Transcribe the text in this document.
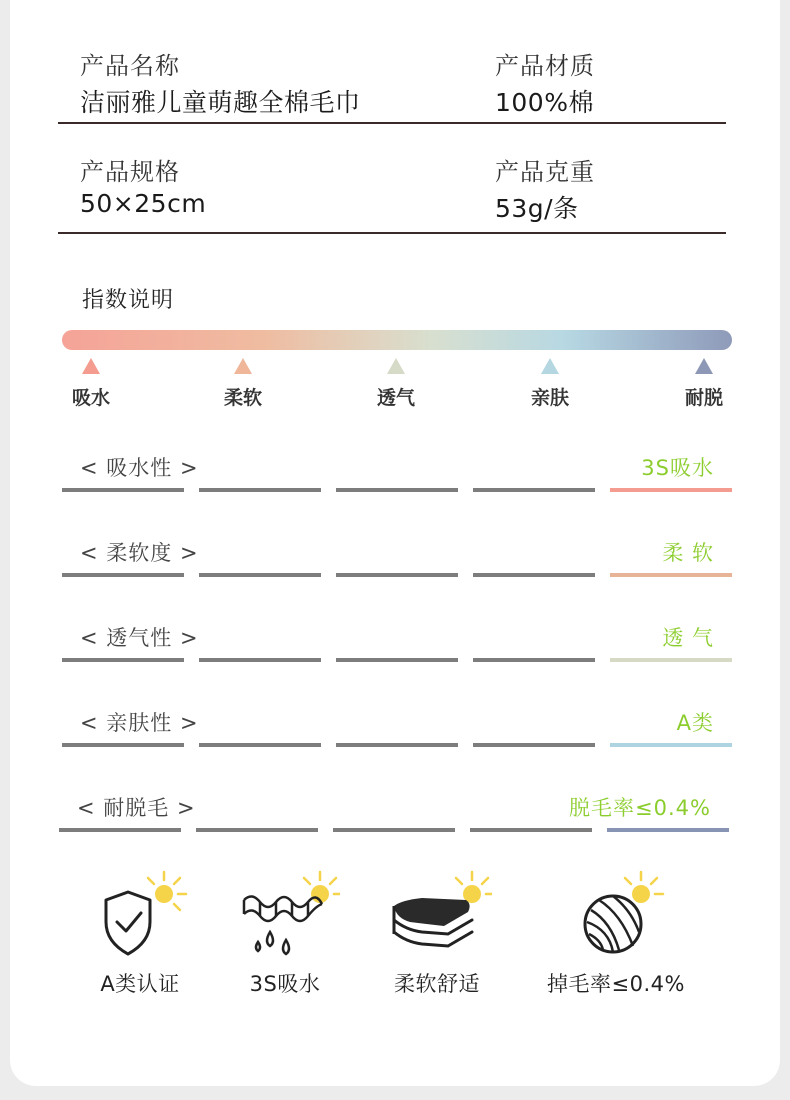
产品名称
洁丽雅儿童萌趣全棉毛巾
产品材质
100%棉
产品规格
50×25cm
产品克重
53g/条
指数说明
吸水	柔软	透气	亲肤	耐脱
< 吸水性 >	3S吸水
< 柔软度 >	柔 软
< 透气性 >	透 气
< 亲肤性 >	A类
< 耐脱毛 >	脱毛率≤0.4%
A类认证	3S吸水	柔软舒适	掉毛率≤0.4%
